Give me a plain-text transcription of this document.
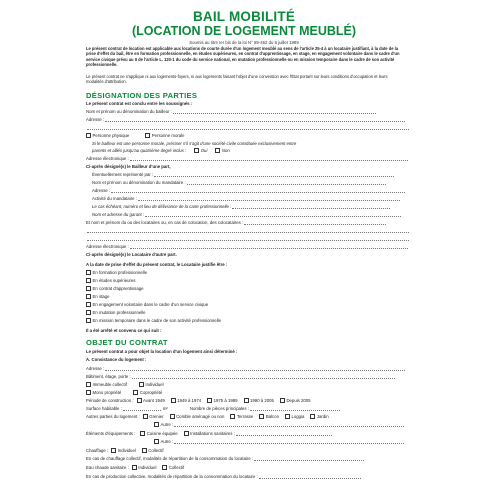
BAIL MOBILITÉ
(LOCATION DE LOGEMENT MEUBLÉ)
Soumis au titre Ier bis de la loi N° 89-462 du 6 juillet 1989
Le présent contrat de location est applicable aux locations de courte durée d'un logement meublé au sens de l'article 25-4 à un locataire justifiant, à la date de la prise d'effet du bail, être en formation professionnelle, en études supérieures, en contrat d'apprentissage, en stage, en engagement volontaire dans le cadre d'un service civique prévu au II de l'article L. 120-1 du code du service national, en mutation professionnelle ou en mission temporaire dans le cadre de son activité professionnelle.
Le présent contrat ne s'applique ni aux logements-foyers, ni aux logements faisant l'objet d'une convention avec l'État portant sur leurs conditions d'occupation et leurs modalités d'attribution.
DÉSIGNATION DES PARTIES
Le présent contrat est conclu entre les soussignés :
Nom et prénom ou dénomination du bailleur :
Adresse :
Personne physique	Personne morale
Si le bailleur est une personne morale, préciser s'il s'agit d'une société civile constituée exclusivement entre
parents et alliés jusqu'au quatrième degré inclus :	Oui	Non
Adresse électronique :
Ci-après désigné(s) le Bailleur d'une part,
Éventuellement représenté par :
Nom et prénom ou dénomination du mandataire :
Adresse :
Activité du mandataire :
Le cas échéant, numéro et lieu de délivrance de la carte professionnelle :
Nom et adresse du garant :
Et nom et prénom du ou des locataires ou, en cas de colocation, des colocataires :
Adresse électronique :
Ci-après désigné(s) le Locataire d'autre part.
A la date de prise d'effet du présent contrat, le Locataire justifie être :
En formation professionnelle
En études supérieures
En contrat d'apprentissage
En stage
En engagement volontaire dans le cadre d'un service civique
En mutation professionnelle
En mission temporaire dans le cadre de son activité professionnelle
Il a été arrêté et convenu ce qui suit :
OBJET DU CONTRAT
Le présent contrat a pour objet la location d'un logement ainsi déterminé :
A. Consistance du logement :
Adresse :
Bâtiment, étage, porte :
Immeuble collectif	Individuel
Mono propriété	Copropriété
Période de construction : Avant 1949	1949 à 1974	1975 à 1989	1990 à 2005	Depuis 2005
Surface habitable :	m²	Nombre de pièces principales :
Autres parties du logement : Grenier	Comble aménagé ou non	Terrasse	Balcon	Loggia	Jardin
Autre :
Éléments d'équipements :	Cuisine équipée	Installations sanitaires :
Autre :
Chauffage : Individuel	Collectif
En cas de chauffage collectif, modalités de répartition de la consommation du locataire :
Eau chaude sanitaire : Individuel	Collectif
En cas de production collective, modalités de répartition de la consommation du locataire :
